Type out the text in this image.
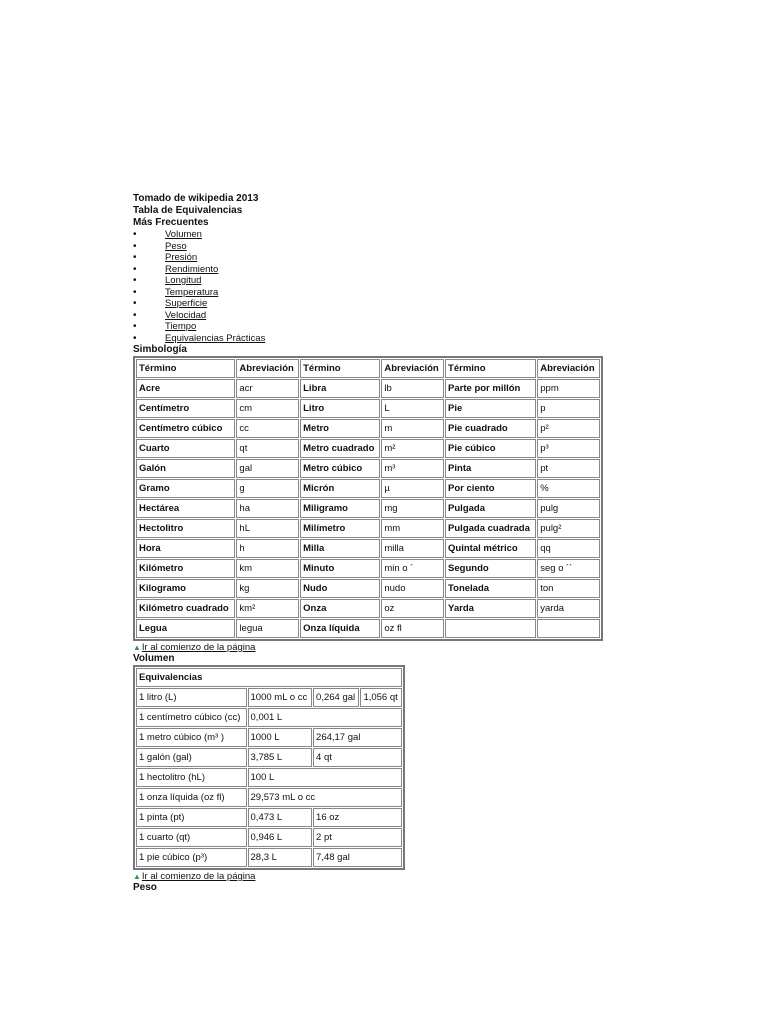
Tomado de wikipedia 2013

Tabla de Equivalencias

Más Frecuentes

•	Volumen
•	Peso
•	Presión
•	Rendimiento
•	Longitud
•	Temperatura
•	Superficie
•	Velocidad
•	Tiempo
•	Equivalencias Prácticas

Simbología

Término	Abreviación	Término	Abreviación	Término	Abreviación
Acre	acr	Libra	lb	Parte por millón	ppm
Centímetro	cm	Litro	L	Pie	p
Centímetro cúbico	cc	Metro	m	Pie cuadrado	p²
Cuarto	qt	Metro cuadrado	m²	Pie cúbico	p³
Galón	gal	Metro cúbico	m³	Pinta	pt
Gramo	g	Micrón	µ	Por ciento	%
Hectárea	ha	Miligramo	mg	Pulgada	pulg
Hectolitro	hL	Milímetro	mm	Pulgada cuadrada	pulg²
Hora	h	Milla	milla	Quintal métrico	qq
Kilómetro	km	Minuto	min o ´	Segundo	seg o ´´
Kilogramo	kg	Nudo	nudo	Tonelada	ton
Kilómetro cuadrado	km²	Onza	oz	Yarda	yarda
Legua	legua	Onza líquida	oz fl		
▲ Ir al comienzo de la página

Volumen

Equivalencias			
1 litro (L)	1000 mL o cc	0,264 gal	1,056 qt
1 centímetro cúbico (cc)	0,001 L		
1 metro cúbico (m³ )	1000 L	264,17 gal	
1 galón (gal)	3,785 L	4 qt	
1 hectolitro (hL)	100 L		
1 onza líquida (oz fl)	29,573 mL o cc		
1 pinta (pt)	0,473 L	16 oz	
1 cuarto (qt)	0,946 L	2 pt	
1 pie cúbico (p³)	28,3 L	7,48 gal	
▲ Ir al comienzo de la página

Peso
